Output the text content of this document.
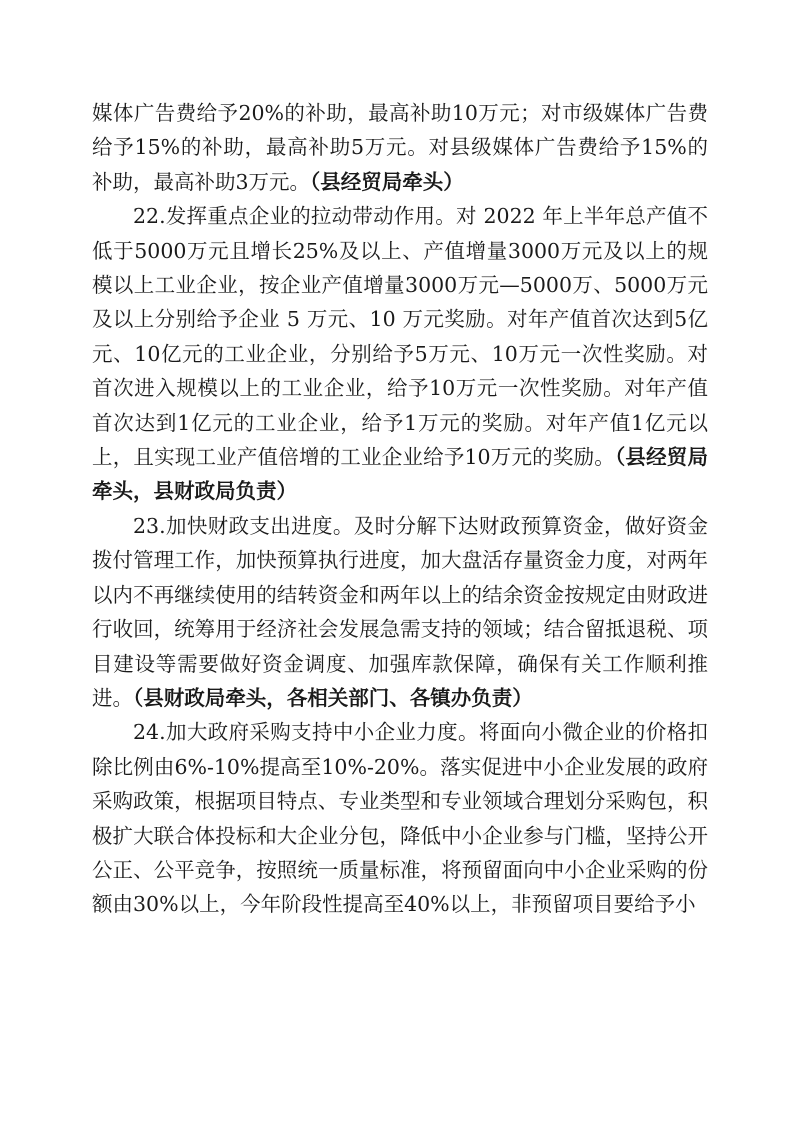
媒体广告费给予20%的补助，最高补助10万元；对市级媒体广告费给予15%的补助，最高补助5万元。对县级媒体广告费给予15%的补助，最高补助3万元。（县经贸局牵头）

22.发挥重点企业的拉动带动作用。对 2022 年上半年总产值不低于5000万元且增长25%及以上、产值增量3000万元及以上的规模以上工业企业，按企业产值增量3000万元—5000万、5000万元及以上分别给予企业 5 万元、10 万元奖励。对年产值首次达到5亿元、10亿元的工业企业，分别给予5万元、10万元一次性奖励。对首次进入规模以上的工业企业，给予10万元一次性奖励。对年产值首次达到1亿元的工业企业，给予1万元的奖励。对年产值1亿元以上，且实现工业产值倍增的工业企业给予10万元的奖励。（县经贸局牵头，县财政局负责）

23.加快财政支出进度。及时分解下达财政预算资金，做好资金拨付管理工作，加快预算执行进度，加大盘活存量资金力度，对两年以内不再继续使用的结转资金和两年以上的结余资金按规定由财政进行收回，统筹用于经济社会发展急需支持的领域；结合留抵退税、项目建设等需要做好资金调度、加强库款保障，确保有关工作顺利推进。（县财政局牵头，各相关部门、各镇办负责）

24.加大政府采购支持中小企业力度。将面向小微企业的价格扣除比例由6%-10%提高至10%-20%。落实促进中小企业发展的政府采购政策，根据项目特点、专业类型和专业领域合理划分采购包，积极扩大联合体投标和大企业分包，降低中小企业参与门槛，坚持公开公正、公平竞争，按照统一质量标准，将预留面向中小企业采购的份额由30%以上，今年阶段性提高至40%以上，非预留项目要给予小
